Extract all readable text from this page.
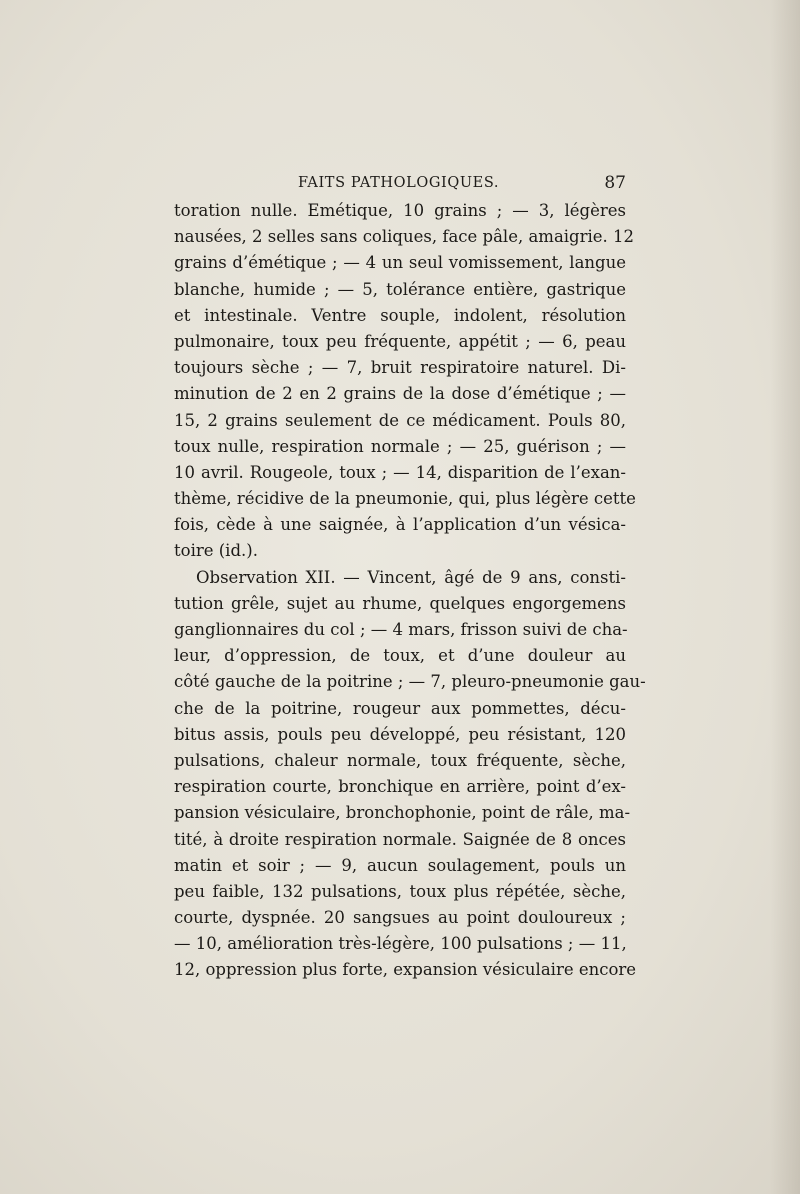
FAITS PATHOLOGIQUES.	87
toration nulle. Emétique, 10 grains ; — 3, légères
nausées, 2 selles sans coliques, face pâle, amaigrie. 12
grains d’émétique ; — 4 un seul vomissement, langue
blanche, humide ; — 5, tolérance entière, gastrique
et intestinale. Ventre souple, indolent, résolution
pulmonaire, toux peu fréquente, appétit ; — 6, peau
toujours sèche ; — 7, bruit respiratoire naturel. Di-
minution de 2 en 2 grains de la dose d’émétique ; —
15, 2 grains seulement de ce médicament. Pouls 80,
toux nulle, respiration normale ; — 25, guérison ; —
10 avril. Rougeole, toux ; — 14, disparition de l’exan-
thème, récidive de la pneumonie, qui, plus légère cette
fois, cède à une saignée, à l’application d’un vésica-
toire (id.).
Observation XII. — Vincent, âgé de 9 ans, consti-
tution grêle, sujet au rhume, quelques engorgemens
ganglionnaires du col ; — 4 mars, frisson suivi de cha-
leur, d’oppression, de toux, et d’une douleur au
côté gauche de la poitrine ; — 7, pleuro-pneumonie gau-
che de la poitrine, rougeur aux pommettes, décu-
bitus assis, pouls peu développé, peu résistant, 120
pulsations, chaleur normale, toux fréquente, sèche,
respiration courte, bronchique en arrière, point d’ex-
pansion vésiculaire, bronchophonie, point de râle, ma-
tité, à droite respiration normale. Saignée de 8 onces
matin et soir ; — 9, aucun soulagement, pouls un
peu faible, 132 pulsations, toux plus répétée, sèche,
courte, dyspnée. 20 sangsues au point douloureux ;
— 10, amélioration très-légère, 100 pulsations ; — 11,
12, oppression plus forte, expansion vésiculaire encore
